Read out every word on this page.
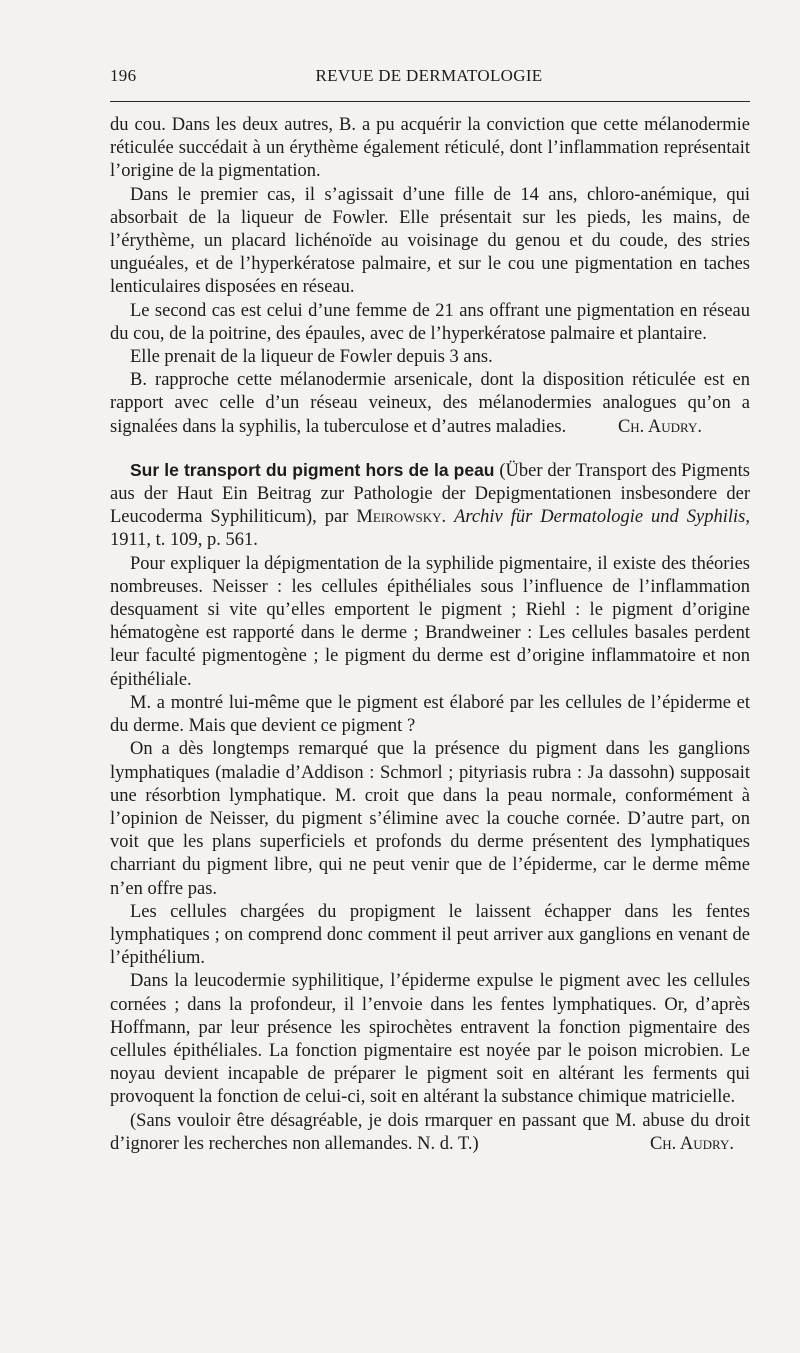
196	REVUE DE DERMATOLOGIE

du cou. Dans les deux autres, B. a pu acquérir la conviction que cette mélanodermie réticulée succédait à un érythème également réticulé, dont l’inflammation représentait l’origine de la pigmentation.

Dans le premier cas, il s’agissait d’une fille de 14 ans, chloro-anémique, qui absorbait de la liqueur de Fowler. Elle présentait sur les pieds, les mains, de l’érythème, un placard lichénoïde au voisinage du genou et du coude, des stries unguéales, et de l’hyperkératose palmaire, et sur le cou une pigmentation en taches lenticulaires disposées en réseau.

Le second cas est celui d’une femme de 21 ans offrant une pigmentation en réseau du cou, de la poitrine, des épaules, avec de l’hyperkératose palmaire et plantaire.

Elle prenait de la liqueur de Fowler depuis 3 ans.

B. rapproche cette mélanodermie arsenicale, dont la disposition réticulée est en rapport avec celle d’un réseau veineux, des mélanodermies analogues qu’on a signalées dans la syphilis, la tuberculose et d’autres maladies.	Ch. Audry.

Sur le transport du pigment hors de la peau (Über der Transport des Pigments aus der Haut Ein Beitrag zur Pathologie der Depigmentationen insbesondere der Leucoderma Syphiliticum), par Meirowsky. Archiv für Dermatologie und Syphilis, 1911, t. 109, p. 561.

Pour expliquer la dépigmentation de la syphilide pigmentaire, il existe des théories nombreuses. Neisser : les cellules épithéliales sous l’influence de l’inflammation desquament si vite qu’elles emportent le pigment ; Riehl : le pigment d’origine hématogène est rapporté dans le derme ; Brandweiner : Les cellules basales perdent leur faculté pigmentogène ; le pigment du derme est d’origine inflammatoire et non épithéliale.

M. a montré lui-même que le pigment est élaboré par les cellules de l’épiderme et du derme. Mais que devient ce pigment ?

On a dès longtemps remarqué que la présence du pigment dans les ganglions lymphatiques (maladie d’Addison : Schmorl ; pityriasis rubra : Ja dassohn) supposait une résorbtion lymphatique. M. croit que dans la peau normale, conformément à l’opinion de Neisser, du pigment s’élimine avec la couche cornée. D’autre part, on voit que les plans superficiels et profonds du derme présentent des lymphatiques charriant du pigment libre, qui ne peut venir que de l’épiderme, car le derme même n’en offre pas.

Les cellules chargées du propigment le laissent échapper dans les fentes lymphatiques ; on comprend donc comment il peut arriver aux ganglions en venant de l’épithélium.

Dans la leucodermie syphilitique, l’épiderme expulse le pigment avec les cellules cornées ; dans la profondeur, il l’envoie dans les fentes lymphatiques. Or, d’après Hoffmann, par leur présence les spirochètes entravent la fonction pigmentaire des cellules épithéliales. La fonction pigmentaire est noyée par le poison microbien. Le noyau devient incapable de préparer le pigment soit en altérant les ferments qui provoquent la fonction de celui-ci, soit en altérant la substance chimique matricielle.

(Sans vouloir être désagréable, je dois rmarquer en passant que M. abuse du droit d’ignorer les recherches non allemandes. N. d. T.)	Ch. Audry.
